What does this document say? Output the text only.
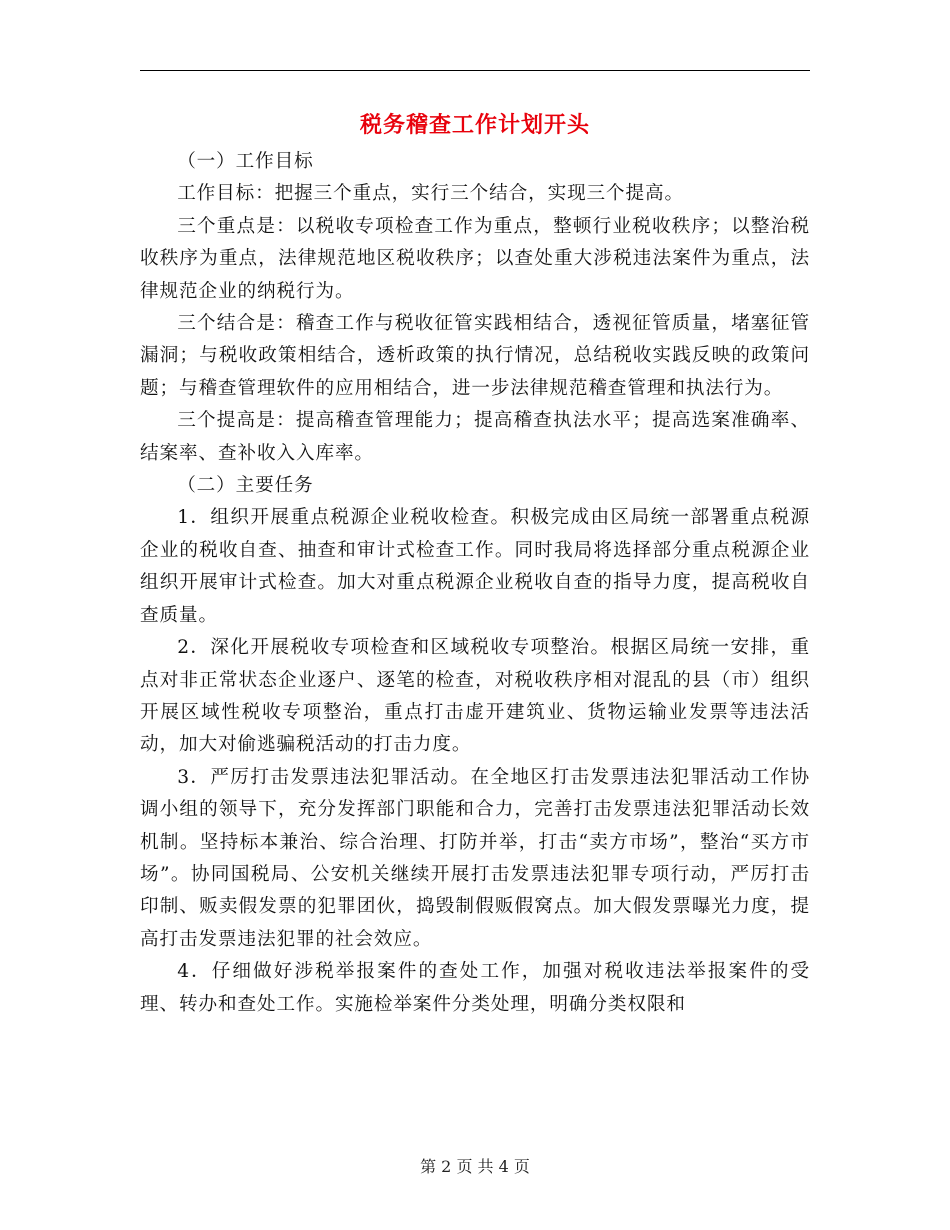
税务稽查工作计划开头

（一）工作目标

工作目标：把握三个重点，实行三个结合，实现三个提高。

三个重点是：以税收专项检查工作为重点，整顿行业税收秩序；以整治税收秩序为重点，法律规范地区税收秩序；以查处重大涉税违法案件为重点，法律规范企业的纳税行为。

三个结合是：稽查工作与税收征管实践相结合，透视征管质量，堵塞征管漏洞；与税收政策相结合，透析政策的执行情况，总结税收实践反映的政策问题；与稽查管理软件的应用相结合，进一步法律规范稽查管理和执法行为。

三个提高是：提高稽查管理能力；提高稽查执法水平；提高选案准确率、结案率、查补收入入库率。

（二）主要任务

1．组织开展重点税源企业税收检查。积极完成由区局统一部署重点税源企业的税收自查、抽查和审计式检查工作。同时我局将选择部分重点税源企业组织开展审计式检查。加大对重点税源企业税收自查的指导力度，提高税收自查质量。

2．深化开展税收专项检查和区域税收专项整治。根据区局统一安排，重点对非正常状态企业逐户、逐笔的检查，对税收秩序相对混乱的县（市）组织开展区域性税收专项整治，重点打击虚开建筑业、货物运输业发票等违法活动，加大对偷逃骗税活动的打击力度。

3．严厉打击发票违法犯罪活动。在全地区打击发票违法犯罪活动工作协调小组的领导下，充分发挥部门职能和合力，完善打击发票违法犯罪活动长效机制。坚持标本兼治、综合治理、打防并举，打击“卖方市场”，整治“买方市场”。协同国税局、公安机关继续开展打击发票违法犯罪专项行动，严厉打击印制、贩卖假发票的犯罪团伙，捣毁制假贩假窝点。加大假发票曝光力度，提高打击发票违法犯罪的社会效应。

4．仔细做好涉税举报案件的查处工作，加强对税收违法举报案件的受理、转办和查处工作。实施检举案件分类处理，明确分类权限和

第 2 页 共 4 页
